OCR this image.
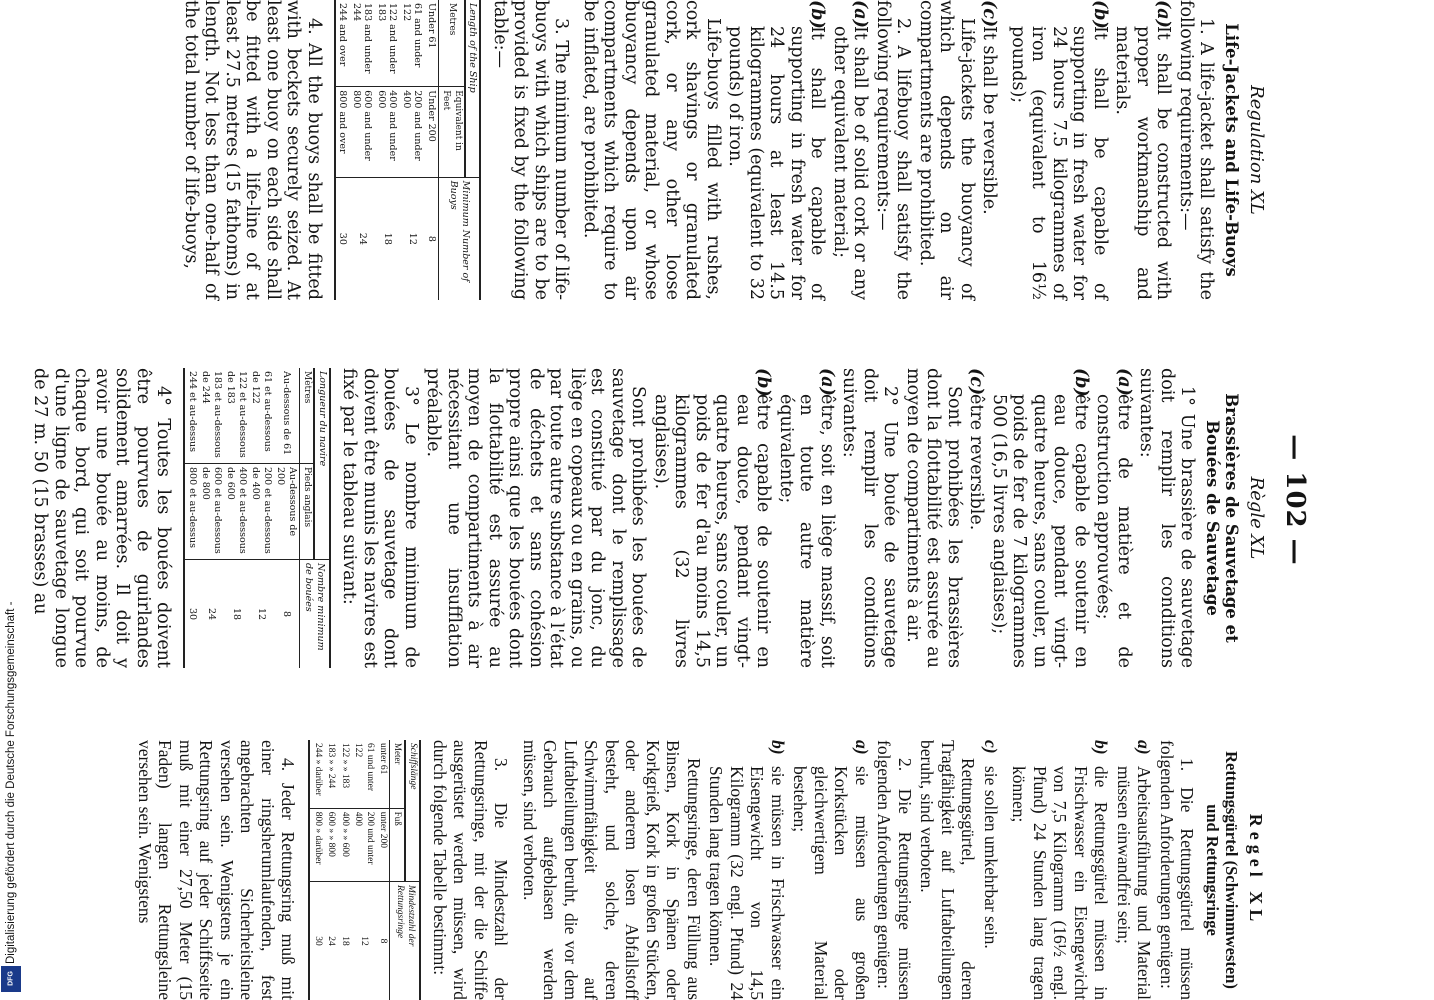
— 102 —
Regulation XL
Life-Jackets and Life-Buoys
1. A life-jacket shall satisfy the following requirements:—
(a)It shall be constructed with proper workmanship and materials.
(b)It shall be capable of supporting in fresh water for 24 hours 7.5 kilogrammes of iron (equivalent to 16½ pounds);
(c)It shall be reversible.
Life-jackets the buoyancy of which depends on air compartments are prohibited.
2. A lifebuoy shall satisfy the following requirements:—
(a)It shall be of solid cork or any other equivalent material;
(b)It shall be capable of supporting in fresh water for 24 hours at least 14.5 kilogrammes (equivalent to 32 pounds) of iron.
Life-buoys filled with rushes, cork shavings or granulated cork, or any other loose granulated material, or whose buoyancy depends upon air compartments which require to be inflated, are prohibited.
3. The minimum number of life-buoys with which ships are to be provided is fixed by the following table:—
Length of the Ship		Minimum Number of Buoys
Metres	Equivalent in Feet	
Under 61	Under 200	8
61 and under 122	200 and under 400	12
122 and under 183	400 and under 600	18
183 and under 244	600 and under 800	24
244 and over	800 and over	30
4. All the buoys shall be fitted with beckets securely seized. At least one buoy on each side shall be fitted with a life-line of at least 27.5 metres (15 fathoms) in length. Not less than one-half of the total number of life-buoys,
Règle XL
Brassières de Sauvetage et Bouées de Sauvetage
1° Une brassière de sauvetage doit remplir les conditions suivantes:
(a)être de matière et de construction approuvées;
(b)être capable de soutenir en eau douce, pendant vingt-quatre heures, sans couler, un poids de fer de 7 kilogrammes 500 (16,5 livres anglaises);
(c)être reversible.
Sont prohibées les brassières dont la flottabilité est assurée au moyen de compartiments à air.
2° Une bouée de sauvetage doit remplir les conditions suivantes:
(a)être, soit en liège massif, soit en toute autre matière équivalente;
(b)être capable de soutenir en eau douce, pendant vingt-quatre heures, sans couler, un poids de fer d'au moins 14,5 kilogrammes (32 livres anglaises).
Sont prohibées les bouées de sauvetage dont le remplissage est constitué par du jonc, du liège en copeaux ou en grains, ou par toute autre substance à l'état de déchets et sans cohésion propre ainsi que les bouées dont la flottabilité est assurée au moyen de compartiments à air nécessitant une insufflation préalable.
3° Le nombre minimum de bouées de sauvetage dont doivent être munis les navires est fixé par le tableau suivant:
Longueur du navire		Nombre minimum de bouées
Mètres	Pieds anglais	
Au-dessous de 61	Au-dessous de 200	8
61 et au-dessous de 122	200 et au-dessous de 400	12
122 et au-dessous de 183	400 et au-dessous de 600	18
183 et au-dessous de 244	600 et au-dessous de 800	24
244 et au-dessus	800 et au-dessus	30
4° Toutes les bouées doivent être pourvues de guirlandes solidement amarrées. Il doit y avoir une bouée au moins, de chaque bord, qui soit pourvue d'une ligne de sauvetage longue de 27 m. 50 (15 brasses) au
Regel XL
Rettungsgürtel (Schwimmwesten) und Rettungsringe
1. Die Rettungsgürtel müssen folgenden Anforderungen genügen:
a)Arbeitsausführung und Material müssen einwandfrei sein;
b)die Rettungsgürtel müssen in Frischwasser ein Eisengewicht von 7,5 Kilogramm (16½ engl. Pfund) 24 Stunden lang tragen können;
c)sie sollen umkehrbar sein.
Rettungsgürtel, deren Tragfähigkeit auf Luftabteilungen beruht, sind verboten.
2. Die Rettungsringe müssen folgenden Anforderungen genügen:
a)sie müssen aus großen Korkstücken oder gleichwertigem Material bestehen;
b)sie müssen in Frischwasser ein Eisengewicht von 14,5 Kilogramm (32 engl. Pfund) 24 Stunden lang tragen können.
Rettungsringe, deren Füllung aus Binsen, Kork in Spänen oder Korkgrieß, Kork in großen Stücken, oder anderem losen Abfallstoff besteht, und solche, deren Schwimmfähigkeit auf Luftabteilungen beruht, die vor dem Gebrauch aufgeblasen werden müssen, sind verboten.
3. Die Mindestzahl der Rettungsringe, mit der die Schiffe ausgerüstet werden müssen, wird durch folgende Tabelle bestimmt:
Schiffslänge		Mindestzahl der Rettungsringe
Meter	Fuß	
unter 61	unter 200	8
61 und unter 122	200 und unter 400	12
122 » » 183	400 » » 600	18
183 » » 244	600 » » 800	24
244 » darüber	800 » darüber	30
4. Jeder Rettungsring muß mit einer ringsherumlaufenden, fest angebrachten Sicherheitsleine versehen sein. Wenigstens je ein Rettungsring auf jeder Schiffsseite muß mit einer 27,50 Meter (15 Faden) langen Rettungsleine versehen sein. Wenigstens
Digitalisierung gefördert durch die Deutsche Forschungsgemeinschaft -
DFG
